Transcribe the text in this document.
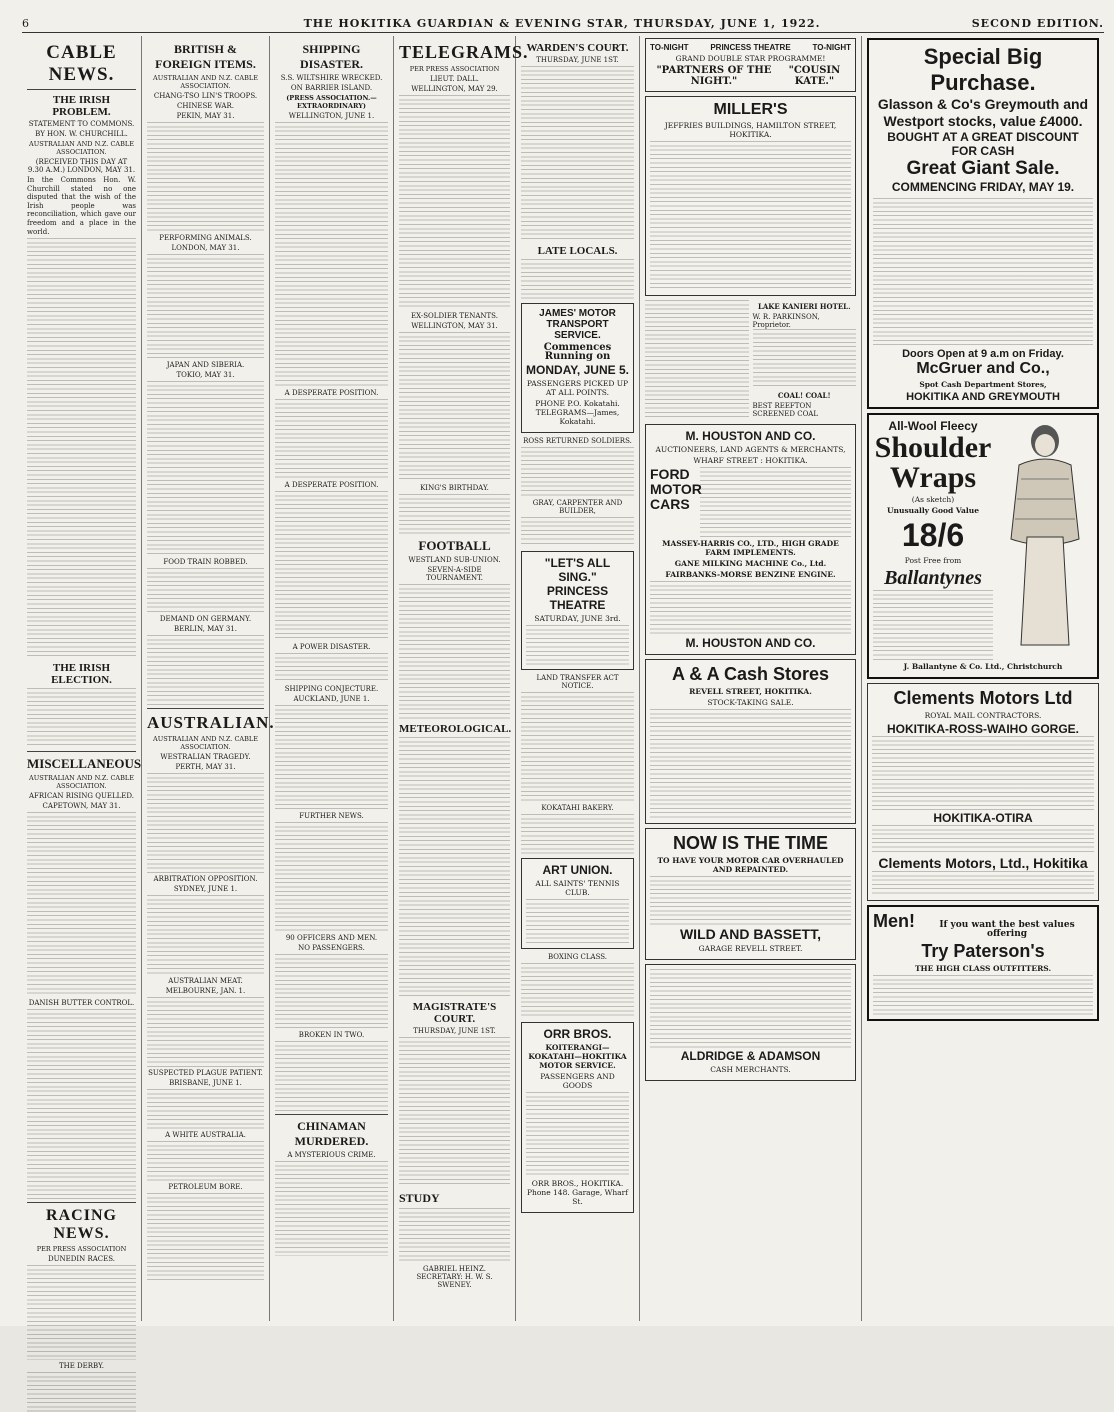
6	THE HOKITIKA GUARDIAN & EVENING STAR, THURSDAY, JUNE 1, 1922.	SECOND EDITION.
CABLE NEWS.
THE IRISH PROBLEM.
STATEMENT TO COMMONS.
BY HON. W. CHURCHILL.
AUSTRALIAN AND N.Z. CABLE ASSOCIATION.
(RECEIVED THIS DAY AT 9.30 A.M.) LONDON, MAY 31.
In the Commons Hon. W. Churchill stated no one disputed that the wish of the Irish people was reconciliation, which gave our freedom and a place in the world.
THE IRISH ELECTION.
MISCELLANEOUS
AUSTRALIAN AND N.Z. CABLE ASSOCIATION.
AFRICAN RISING QUELLED.
CAPETOWN, MAY 31.
DANISH BUTTER CONTROL.
RACING NEWS.
PER PRESS ASSOCIATION
DUNEDIN RACES.
THE DERBY.
BRITISH & FOREIGN ITEMS.
AUSTRALIAN AND N.Z. CABLE ASSOCIATION.
CHANG-TSO LIN'S TROOPS.
CHINESE WAR.
PEKIN, MAY 31.
PERFORMING ANIMALS.
LONDON, MAY 31.
JAPAN AND SIBERIA.
TOKIO, MAY 31.
FOOD TRAIN ROBBED.
DEMAND ON GERMANY.
BERLIN, MAY 31.
AUSTRALIAN.
AUSTRALIAN AND N.Z. CABLE ASSOCIATION.
WESTRALIAN TRAGEDY.
PERTH, MAY 31.
ARBITRATION OPPOSITION.
SYDNEY, JUNE 1.
AUSTRALIAN MEAT.
MELBOURNE, JAN. 1.
SUSPECTED PLAGUE PATIENT.
BRISBANE, JUNE 1.
A WHITE AUSTRALIA.
PETROLEUM BORE.
SHIPPING DISASTER.
S.S. WILTSHIRE WRECKED.
ON BARRIER ISLAND.
(PRESS ASSOCIATION.—EXTRAORDINARY)
WELLINGTON, JUNE 1.
A DESPERATE POSITION.
A DESPERATE POSITION.
A POWER DISASTER.
SHIPPING CONJECTURE.
AUCKLAND, JUNE 1.
FURTHER NEWS.
90 OFFICERS AND MEN.
NO PASSENGERS.
BROKEN IN TWO.
CHINAMAN MURDERED.
A MYSTERIOUS CRIME.
TELEGRAMS.
PER PRESS ASSOCIATION
LIEUT. DALL.
WELLINGTON, MAY 29.
EX-SOLDIER TENANTS.
WELLINGTON, MAY 31.
KING'S BIRTHDAY.
FOOTBALL
WESTLAND SUB-UNION.
SEVEN-A-SIDE TOURNAMENT.
METEOROLOGICAL.
MAGISTRATE'S COURT.
THURSDAY, JUNE 1ST.
STUDY
GABRIEL HEINZ. SECRETARY: H. W. S. SWENEY.
WARDEN'S COURT.
THURSDAY, JUNE 1ST.
LATE LOCALS.
JAMES' MOTOR TRANSPORT SERVICE.
Commences Running on
MONDAY, JUNE 5.
PASSENGERS PICKED UP AT ALL POINTS.
PHONE P.O. Kokatahi. TELEGRAMS—James, Kokatahi.
ROSS RETURNED SOLDIERS.
GRAY, CARPENTER AND BUILDER,
"LET'S ALL SING."
PRINCESS THEATRE
SATURDAY, JUNE 3rd.
LAND TRANSFER ACT NOTICE.
KOKATAHI BAKERY.
ART UNION.
ALL SAINTS' TENNIS CLUB.
BOXING CLASS.
ORR BROS.
KOITERANGI—KOKATAHI—HOKITIKA MOTOR SERVICE.
PASSENGERS AND GOODS
ORR BROS., HOKITIKA. Phone 148. Garage, Wharf St.
TO-NIGHT	PRINCESS THEATRE	TO-NIGHT
GRAND DOUBLE STAR PROGRAMME!
"PARTNERS OF THE NIGHT."
"COUSIN KATE."
MILLER'S
JEFFRIES BUILDINGS, HAMILTON STREET, HOKITIKA.
LAKE KANIERI HOTEL.
W. R. PARKINSON, Proprietor.
COAL! COAL!
BEST REEFTON SCREENED COAL
M. HOUSTON AND CO.
AUCTIONEERS, LAND AGENTS & MERCHANTS,
WHARF STREET : HOKITIKA.
FORD MOTOR CARS
MASSEY-HARRIS CO., LTD., HIGH GRADE FARM IMPLEMENTS.
GANE MILKING MACHINE Co., Ltd.
FAIRBANKS-MORSE BENZINE ENGINE.
M. HOUSTON AND CO.
A & A Cash Stores
REVELL STREET, HOKITIKA.
STOCK-TAKING SALE.
NOW IS THE TIME
TO HAVE YOUR MOTOR CAR OVERHAULED AND REPAINTED.
WILD AND BASSETT,
GARAGE REVELL STREET.
ALDRIDGE & ADAMSON
CASH MERCHANTS.
Special Big Purchase.
Glasson & Co's Greymouth and Westport stocks, value £4000.
BOUGHT AT A GREAT DISCOUNT FOR CASH
Great Giant Sale.
COMMENCING FRIDAY, MAY 19.
Doors Open at 9 a.m on Friday.
McGruer and Co.,
Spot Cash Department Stores,
HOKITIKA AND GREYMOUTH
All-Wool Fleecy
Shoulder Wraps
(As sketch)
Unusually Good Value
18/6
Post Free from
Ballantynes
J. Ballantyne & Co. Ltd., Christchurch
Clements Motors Ltd
ROYAL MAIL CONTRACTORS.
HOKITIKA-ROSS-WAIHO GORGE.
HOKITIKA-OTIRA
Clements Motors, Ltd., Hokitika
Men!	If you want the best values offering
Try Paterson's
THE HIGH CLASS OUTFITTERS.
